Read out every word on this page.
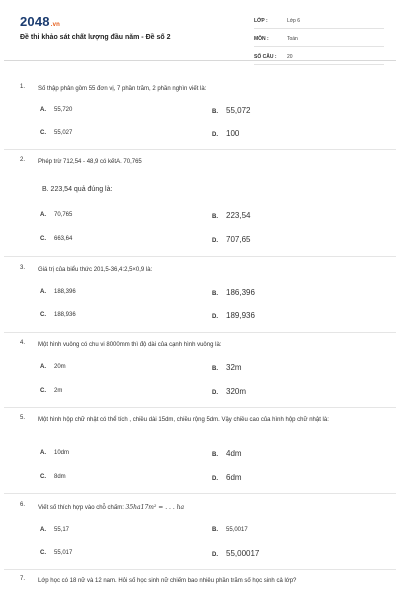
2048.vn
Đề thi khảo sát chất lượng đầu năm - Đề số 2
LỚP :	Lớp 6
MÔN :	Toán
SỐ CÂU : 20
1. Số thập phân gồm 55 đơn vị, 7 phần trăm, 2 phần nghìn viết là:
A. 55,720	B. 55,072
C. 55,027	D. 100
2. Phép trừ 712,54 - 48,9 có kếtA. 70,765
B. 223,54 quả đúng là:
A. 70,765	B. 223,54
C. 663,64	D. 707,65
3. Giá trị của biểu thức 201,5-36,4:2,5×0,9 là:
A. 188,396	B. 186,396
C. 188,936	D. 189,936
4. Một hình vuông có chu vi 8000mm thì độ dài của cạnh hình vuông là:
A. 20m	B. 32m
C. 2m	D. 320m
5. Một hình hộp chữ nhật có thể tích , chiều dài 15dm, chiều rộng 5dm. Vậy chiều cao của hình hộp chữ nhật là:
A. 10dm	B. 4dm
C. 8dm	D. 6dm
6. Viết số thích hợp vào chỗ chấm: 35ha17m² = . . . ha
A. 55,17	B. 55,0017
C. 55,017	D. 55,00017
7. Lớp học có 18 nữ và 12 nam. Hỏi số học sinh nữ chiếm bao nhiêu phần trăm số học sinh cả lớp?
